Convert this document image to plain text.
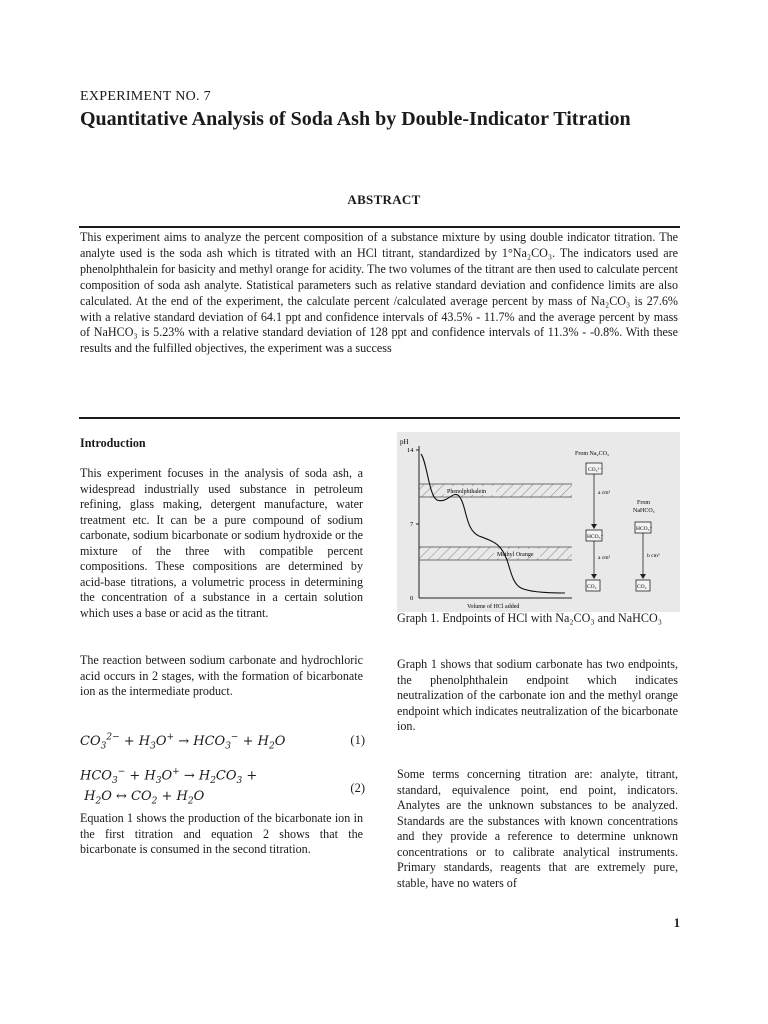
EXPERIMENT NO. 7
Quantitative Analysis of Soda Ash by Double-Indicator Titration
ABSTRACT
This experiment aims to analyze the percent composition of a substance mixture by using double indicator titration. The analyte used is the soda ash which is titrated with an HCl titrant, standardized by 1°Na₂CO₃. The indicators used are phenolphthalein for basicity and methyl orange for acidity. The two volumes of the titrant are then used to calculate percent composition of soda ash analyte. Statistical parameters such as relative standard deviation and confidence limits are also calculated. At the end of the experiment, the calculate percent /calculated average percent by mass of Na₂CO₃ is 27.6% with a relative standard deviation of 64.1 ppt and confidence intervals of 43.5% - 11.7% and the average percent by mass of NaHCO₃ is 5.23% with a relative standard deviation of 128 ppt and confidence intervals of 11.3% - -0.8%. With these results and the fulfilled objectives, the experiment was a success
Introduction
This experiment focuses in the analysis of soda ash, a widespread industrially used substance in petroleum refining, glass making, detergent manufacture, water treatment etc. It can be a pure compound of sodium carbonate, sodium bicarbonate or sodium hydroxide or the mixture of the three with compatible percent compositions. These compositions are determined by acid-base titrations, a volumetric process in determining the concentration of a substance in a certain solution which uses a base or acid as the titrant.
The reaction between sodium carbonate and hydrochloric acid occurs in 2 stages, with the formation of bicarbonate ion as the intermediate product.
$CO_3^{2-} + H_3O^+ \to HCO_3^- + H_2O$	(1)
$HCO_3^- + H_3O^+ \to H_2CO_3$ +
$H_2O$ ↔ $CO_2 + H_2O$
(2)
Equation 1 shows the production of the bicarbonate ion in the first titration and equation 2 shows that the bicarbonate is consumed in the second titration.
pH
14
7
0
Phenolphthalein
Methyl Orange
Volume of HCl added
From Na₂CO₃
CO₃²⁻
a cm³
HCO₃⁻
a cm³
CO₂
From
NaHCO₃
HCO₃⁻
b cm³
CO₂
Graph 1. Endpoints of HCl with Na₂CO₃ and NaHCO₃
Graph 1 shows that sodium carbonate has two endpoints, the phenolphthalein endpoint which indicates neutralization of the carbonate ion and the methyl orange endpoint which indicates neutralization of the bicarbonate ion.
Some terms concerning titration are: analyte, titrant, standard, equivalence point, end point, indicators. Analytes are the unknown substances to be analyzed. Standards are the substances with known concentrations and they provide a reference to determine unknown concentrations or to calibrate analytical instruments. Primary standards, reagents that are extremely pure, stable, have no waters of
1
